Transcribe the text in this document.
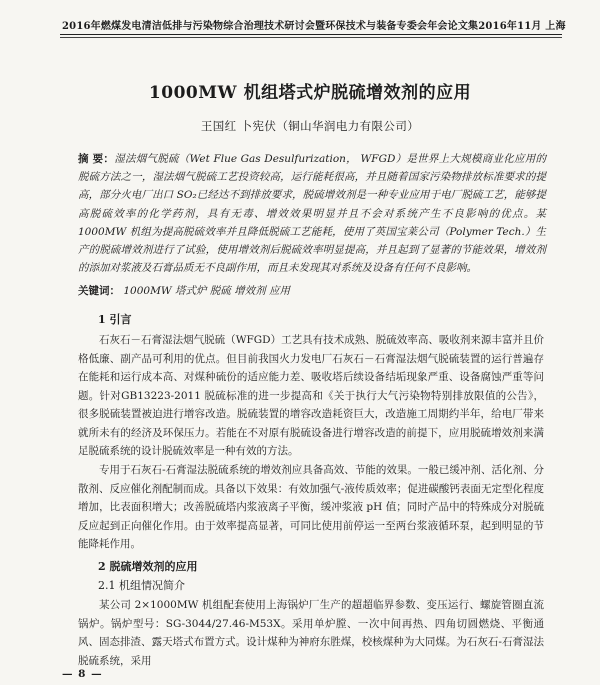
2016年燃煤发电清洁低排与污染物综合治理技术研讨会暨环保技术与装备专委会年会论文集 2016年11月 上海
1000MW 机组塔式炉脱硫增效剂的应用
王国红 卜宪伏（铜山华润电力有限公司）
摘 要：湿法烟气脱硫（Wet Flue Gas Desulfurization， WFGD）是世界上大规模商业化应用的脱硫方法之一，湿法烟气脱硫工艺投资较高，运行能耗很高，并且随着国家污染物排放标准要求的提高，部分火电厂出口 SO₂已经达不到排放要求，脱硫增效剂是一种专业应用于电厂脱硫工艺，能够提高脱硫效率的化学药剂，具有无毒、增效效果明显并且不会对系统产生不良影响的优点。某 1000MW 机组为提高脱硫效率并且降低脱硫工艺能耗，使用了英国宝莱公司（Polymer Tech.）生产的脱硫增效剂进行了试验，使用增效剂后脱硫效率明显提高，并且起到了显著的节能效果，增效剂的添加对浆液及石膏品质无不良副作用，而且未发现其对系统及设备有任何不良影响。
关键词： 1000MW 塔式炉 脱硫 增效剂 应用
1 引言

石灰石－石膏湿法烟气脱硫（WFGD）工艺具有技术成熟、脱硫效率高、吸收剂来源丰富并且价格低廉、副产品可利用的优点。但目前我国火力发电厂石灰石－石膏湿法烟气脱硫装置的运行普遍存在能耗和运行成本高、对煤种硫份的适应能力差、吸收塔后续设备结垢现象严重、设备腐蚀严重等问题。针对GB13223-2011 脱硫标准的进一步提高和《关于执行大气污染物特别排放限值的公告》，很多脱硫装置被迫进行增容改造。脱硫装置的增容改造耗资巨大，改造施工周期约半年，给电厂带来就所未有的经济及环保压力。若能在不对原有脱硫设备进行增容改造的前提下，应用脱硫增效剂来满足脱硫系统的设计脱硫效率是一种有效的方法。

专用于石灰石-石膏湿法脱硫系统的增效剂应具备高效、节能的效果。一般已缓冲剂、活化剂、分散剂、反应催化剂配制而成。具备以下效果：有效加强气-液传质效率；促进碳酸钙表面无定型化程度增加，比表面积增大；改善脱硫塔内浆液离子平衡，缓冲浆液 pH 值；同时产品中的特殊成分对脱硫反应起到正向催化作用。由于效率提高显著，可同比使用前停运一至两台浆液循环泵，起到明显的节能降耗作用。

— 8 —
2 脱硫增效剂的应用
2.1 机组情况简介

某公司 2×1000MW 机组配套使用上海锅炉厂生产的超超临界参数、变压运行、螺旋管圈直流锅炉。锅炉型号：SG-3044/27.46-M53X。采用单炉膛、一次中间再热、四角切圆燃烧、平衡通风、固态排渣、露天塔式布置方式。设计煤种为神府东胜煤，校核煤种为大同煤。为石灰石-石膏湿法脱硫系统，采用
